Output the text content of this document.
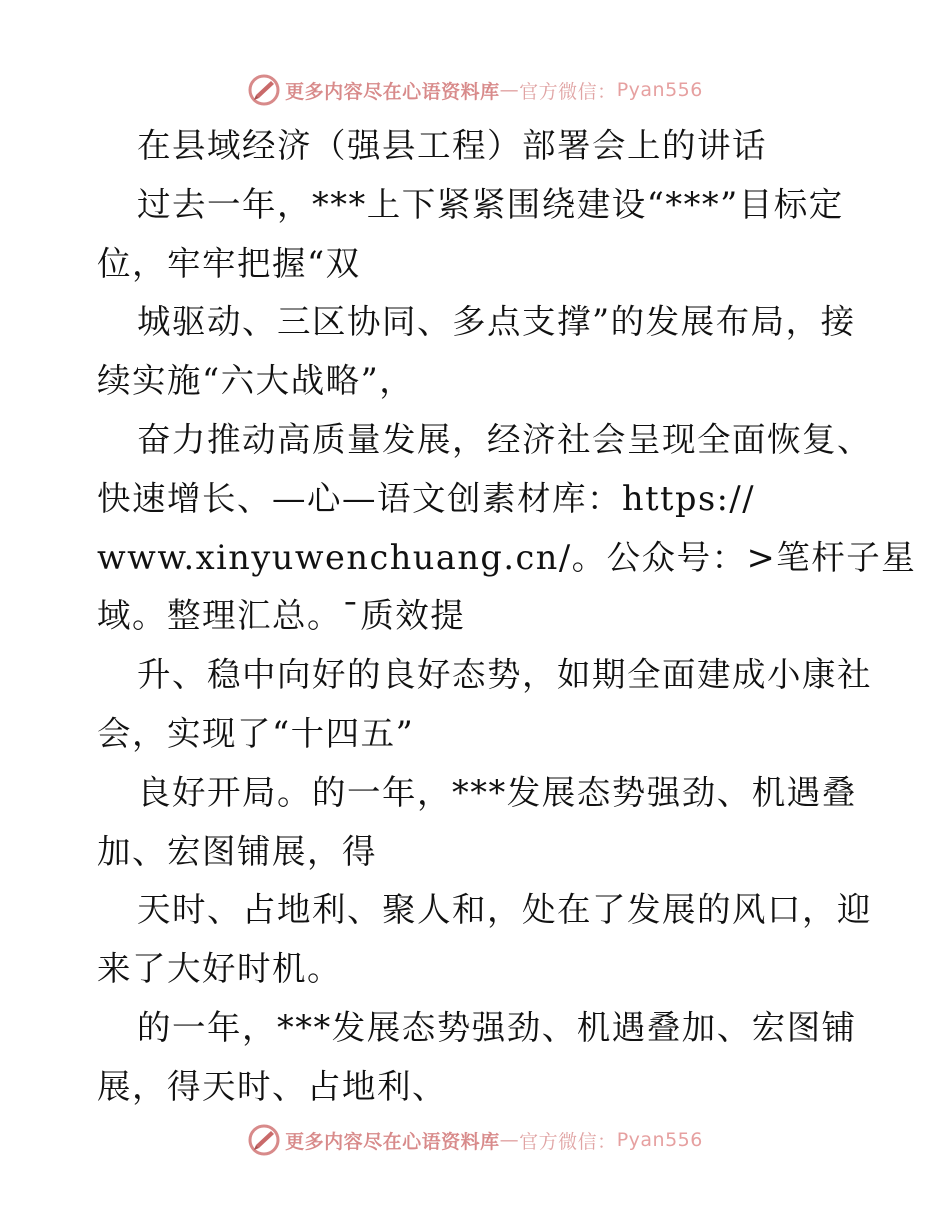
更多内容尽在心语资料库 — 官方微信： Pyan556
在县域经济（强县工程）部署会上的讲话
过去一年，***上下紧紧围绕建设“***”目标定
位，牢牢把握“双
城驱动、三区协同、多点支撑”的发展布局，接
续实施“六大战略”，
奋力推动高质量发展，经济社会呈现全面恢复、
快速增长、—心—语文创素材库：https://
www.xinyuwenchuang.cn/。公众号：>笔杆子星
域。整理汇总。¯质效提
升、稳中向好的良好态势，如期全面建成小康社
会，实现了“十四五”
良好开局。的一年，***发展态势强劲、机遇叠
加、宏图铺展，得
天时、占地利、聚人和，处在了发展的风口，迎
来了大好时机。
的一年，***发展态势强劲、机遇叠加、宏图铺
展，得天时、占地利、
更多内容尽在心语资料库 — 官方微信： Pyan556
